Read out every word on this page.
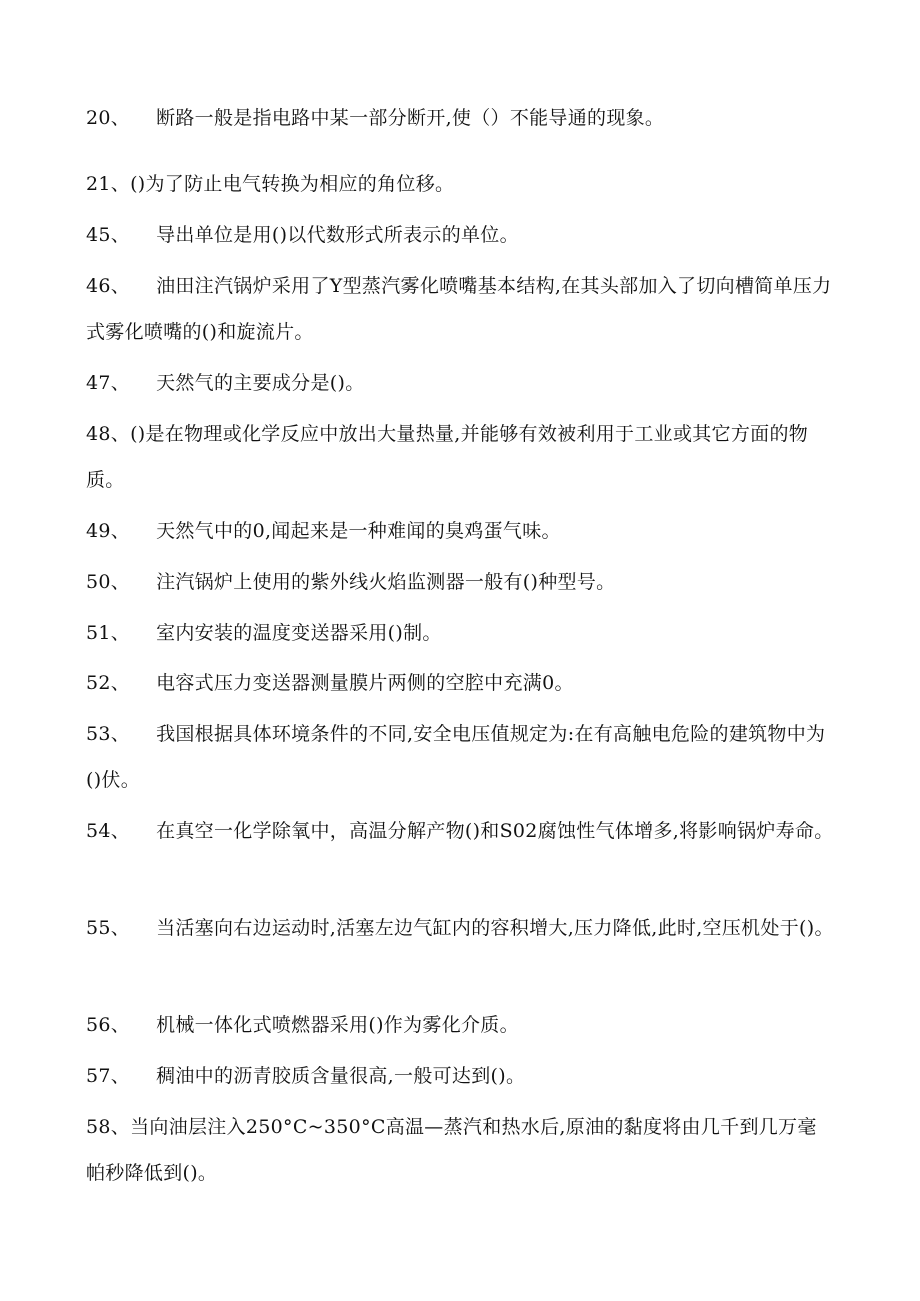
20、 断路一般是指电路中某一部分断开,使（）不能导通的现象。
21、()为了防止电气转换为相应的角位移。
45、 导出单位是用()以代数形式所表示的单位。
46、 油田注汽锅炉采用了Y型蒸汽雾化喷嘴基本结构,在其头部加入了切向槽简单压力式雾化喷嘴的()和旋流片。
47、 天然气的主要成分是()。
48、()是在物理或化学反应中放出大量热量,并能够有效被利用于工业或其它方面的物质。
49、 天然气中的0,闻起来是一种难闻的臭鸡蛋气味。
50、 注汽锅炉上使用的紫外线火焰监测器一般有()种型号。
51、 室内安装的温度变送器采用()制。
52、 电容式压力变送器测量膜片两侧的空腔中充满0。
53、 我国根据具体环境条件的不同,安全电压值规定为:在有高触电危险的建筑物中为()伏。
54、 在真空一化学除氧中，高温分解产物()和S02腐蚀性气体增多,将影响锅炉寿命。
55、 当活塞向右边运动时,活塞左边气缸内的容积增大,压力降低,此时,空压机处于()。
56、 机械一体化式喷燃器采用()作为雾化介质。
57、 稠油中的沥青胶质含量很高,一般可达到()。
58、当向油层注入250°C~350°C高温—蒸汽和热水后,原油的黏度将由几千到几万毫帕秒降低到()。
